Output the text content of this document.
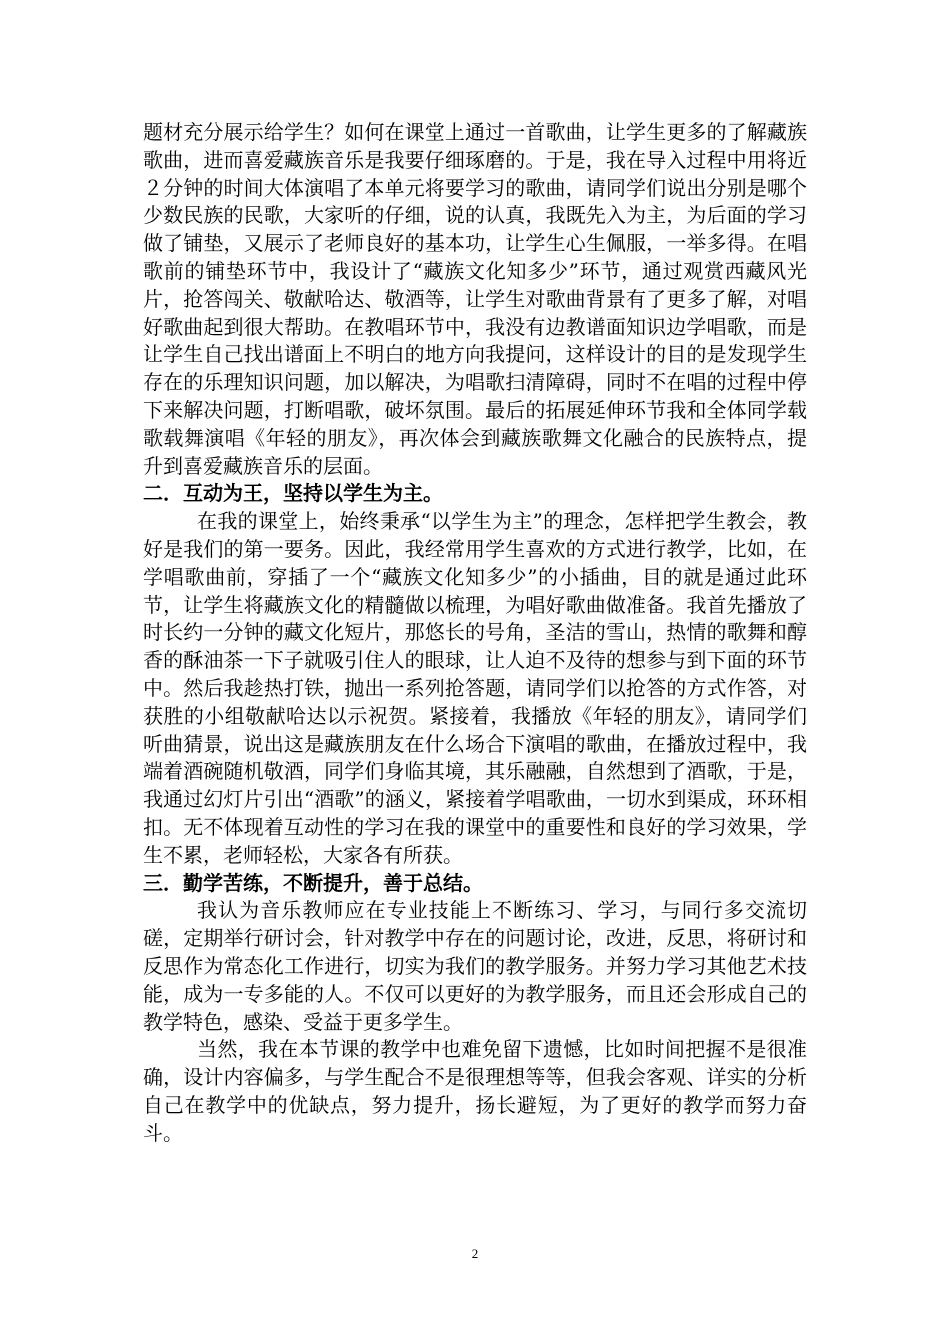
题材充分展示给学生？如何在课堂上通过一首歌曲，让学生更多的了解藏族歌曲，进而喜爱藏族音乐是我要仔细琢磨的。于是，我在导入过程中用将近２分钟的时间大体演唱了本单元将要学习的歌曲，请同学们说出分别是哪个少数民族的民歌，大家听的仔细，说的认真，我既先入为主，为后面的学习做了铺垫，又展示了老师良好的基本功，让学生心生佩服，一举多得。在唱歌前的铺垫环节中，我设计了“藏族文化知多少”环节，通过观赏西藏风光片，抢答闯关、敬献哈达、敬酒等，让学生对歌曲背景有了更多了解，对唱好歌曲起到很大帮助。在教唱环节中，我没有边教谱面知识边学唱歌，而是让学生自己找出谱面上不明白的地方向我提问，这样设计的目的是发现学生存在的乐理知识问题，加以解决，为唱歌扫清障碍，同时不在唱的过程中停下来解决问题，打断唱歌，破坏氛围。最后的拓展延伸环节我和全体同学载歌载舞演唱《年轻的朋友》，再次体会到藏族歌舞文化融合的民族特点，提升到喜爱藏族音乐的层面。

二．互动为王，坚持以学生为主。

在我的课堂上，始终秉承“以学生为主”的理念，怎样把学生教会，教好是我们的第一要务。因此，我经常用学生喜欢的方式进行教学，比如，在学唱歌曲前，穿插了一个“藏族文化知多少”的小插曲，目的就是通过此环节，让学生将藏族文化的精髓做以梳理，为唱好歌曲做准备。我首先播放了时长约一分钟的藏文化短片，那悠长的号角，圣洁的雪山，热情的歌舞和醇香的酥油茶一下子就吸引住人的眼球，让人迫不及待的想参与到下面的环节中。然后我趁热打铁，抛出一系列抢答题，请同学们以抢答的方式作答，对获胜的小组敬献哈达以示祝贺。紧接着，我播放《年轻的朋友》，请同学们听曲猜景，说出这是藏族朋友在什么场合下演唱的歌曲，在播放过程中，我端着酒碗随机敬酒，同学们身临其境，其乐融融，自然想到了酒歌，于是，我通过幻灯片引出“酒歌”的涵义，紧接着学唱歌曲，一切水到渠成，环环相扣。无不体现着互动性的学习在我的课堂中的重要性和良好的学习效果，学生不累，老师轻松，大家各有所获。

三．勤学苦练，不断提升，善于总结。

我认为音乐教师应在专业技能上不断练习、学习，与同行多交流切磋，定期举行研讨会，针对教学中存在的问题讨论，改进，反思，将研讨和反思作为常态化工作进行，切实为我们的教学服务。并努力学习其他艺术技能，成为一专多能的人。不仅可以更好的为教学服务，而且还会形成自己的教学特色，感染、受益于更多学生。

当然，我在本节课的教学中也难免留下遗憾，比如时间把握不是很准确，设计内容偏多，与学生配合不是很理想等等，但我会客观、详实的分析自己在教学中的优缺点，努力提升，扬长避短，为了更好的教学而努力奋斗。

2
